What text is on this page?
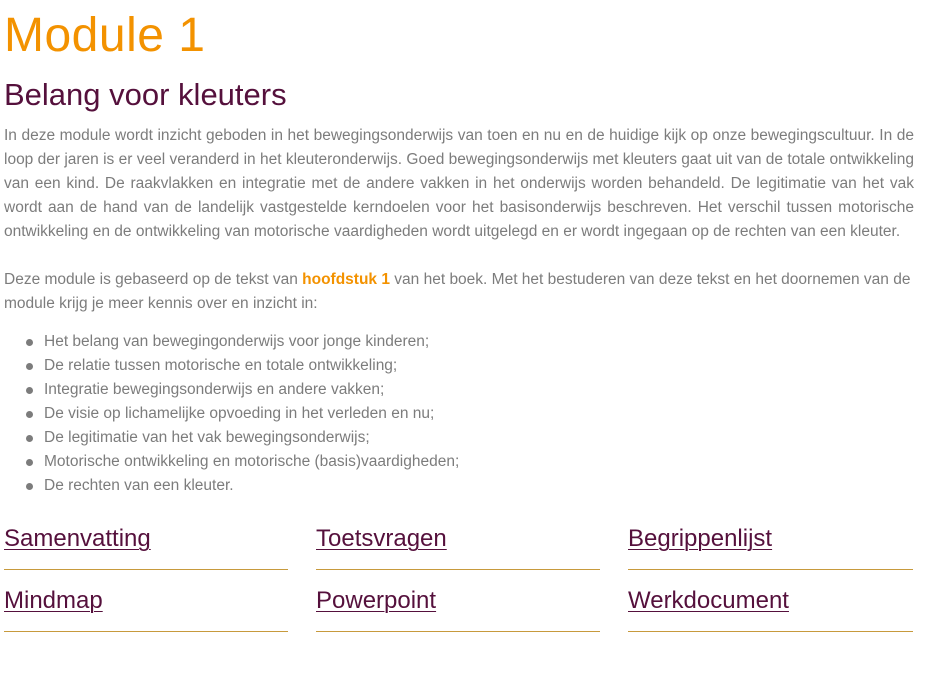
Module 1
Belang voor kleuters

In deze module wordt inzicht geboden in het bewegingsonderwijs van toen en nu en de huidige kijk op onze bewegingscultuur. In de loop der jaren is er veel veranderd in het kleuteronderwijs. Goed bewegingsonderwijs met kleuters gaat uit van de totale ontwikkeling van een kind. De raakvlakken en integratie met de andere vakken in het onderwijs worden behandeld. De legitimatie van het vak wordt aan de hand van de landelijk vastgestelde kerndoelen voor het basisonderwijs beschreven. Het verschil tussen motorische ontwikkeling en de ontwikkeling van motorische vaardigheden wordt uitgelegd en er wordt ingegaan op de rechten van een kleuter.

Deze module is gebaseerd op de tekst van hoofdstuk 1 van het boek. Met het bestuderen van deze tekst en het doornemen van de module krijg je meer kennis over en inzicht in:

Het belang van bewegingonderwijs voor jonge kinderen;
De relatie tussen motorische en totale ontwikkeling;
Integratie bewegingsonderwijs en andere vakken;
De visie op lichamelijke opvoeding in het verleden en nu;
De legitimatie van het vak bewegingsonderwijs;
Motorische ontwikkeling en motorische (basis)vaardigheden;
De rechten van een kleuter.
Samenvatting	Toetsvragen	Begrippenlijst
Mindmap	Powerpoint	Werkdocument
